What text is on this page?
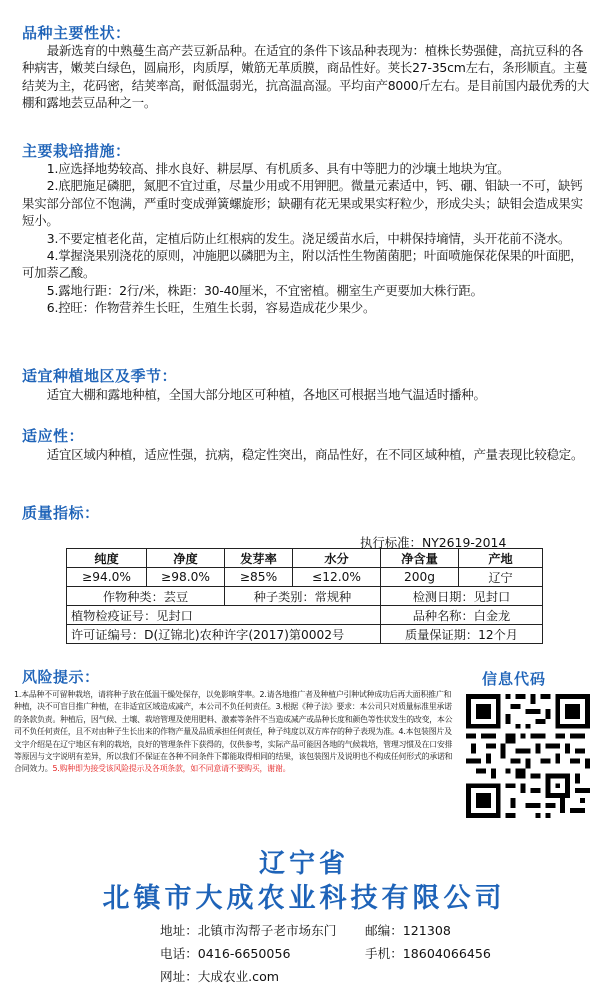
品种主要性状：

最新选育的中熟蔓生高产芸豆新品种。在适宜的条件下该品种表现为：植株长势强健，高抗豆科的各种病害，嫩荚白绿色，圆扁形，肉质厚，嫩筋无革质膜，商品性好。荚长27-35cm左右，条形顺直。主蔓结荚为主，花码密，结荚率高，耐低温弱光，抗高温高湿。平均亩产8000斤左右。是目前国内最优秀的大棚和露地芸豆品种之一。

主要栽培措施：

1.应选择地势较高、排水良好、耕层厚、有机质多、具有中等肥力的沙壤土地块为宜。

2.底肥施足磷肥，氮肥不宜过重，尽量少用或不用钾肥。微量元素适中，钙、硼、钼缺一不可，缺钙果实部分部位不饱满，严重时变成弹簧螺旋形；缺硼有花无果或果实籽粒少，形成尖头；缺钼会造成果实短小。

3.不要定植老化苗，定植后防止红根病的发生。浇足缓苗水后，中耕保持墒情，头开花前不浇水。

4.掌握浇果别浇花的原则，冲施肥以磷肥为主，附以活性生物菌菌肥；叶面喷施保花保果的叶面肥，可加萘乙酸。

5.露地行距：2行/米，株距：30-40厘米，不宜密植。棚室生产更要加大株行距。

6.控旺：作物营养生长旺，生殖生长弱，容易造成花少果少。

适宜种植地区及季节：

适宜大棚和露地种植，全国大部分地区可种植，各地区可根据当地气温适时播种。

适应性：

适宜区域内种植，适应性强，抗病，稳定性突出，商品性好，在不同区域种植，产量表现比较稳定。

质量指标：
执行标准：NY2619-2014
纯度	净度	发芽率	水分	净含量	产地
≥94.0%	≥98.0%	≥85%	≤12.0%	200g	辽宁
作物种类：芸豆		种子类别：常规种		检测日期：见封口	
植物检疫证号：见封口				品种名称：白金龙	
许可证编号：D(辽锦北)农种许字(2017)第0002号				质量保证期：12个月	
风险提示：

1.本品种不可留种栽培，请将种子放在低温干燥处保存，以免影响芽率。2.请各地推广者及种植户引种试种成功后再大面积推广和种植，决不可盲目推广种植，在非适宜区域造成减产，本公司不负任何责任。3.根据《种子法》要求：本公司只对质量标准里承诺的条款负责。种植后，因气候、土壤、栽培管理及使用肥料、激素等条件不当造成减产或品种长度和颜色等性状发生的改变，本公司不负任何责任，且不对由种子生长出来的作物产量及品质承担任何责任，种子纯度以双方库存的种子表现为准。4.本包装图片及文字介绍是在辽宁地区有利的栽培，良好的管理条件下获得的，仅供参考，实际产品可能因各地的气候栽培，管理习惯及在口安排等原因与文字说明有差异，所以我们不保证在各种不同条件下都能取得相同的结果，该包装图片及说明也不构成任何形式的承诺和合同效力。5.购种即为接受该风险提示及各项条款，如不同意请不要购买，谢谢。

信息代码
辽宁省
北镇市大成农业科技有限公司
地址：北镇市沟帮子老市场东门 邮编：121308
电话：0416-6650056	手机：18604066456
网址：大成农业.com
